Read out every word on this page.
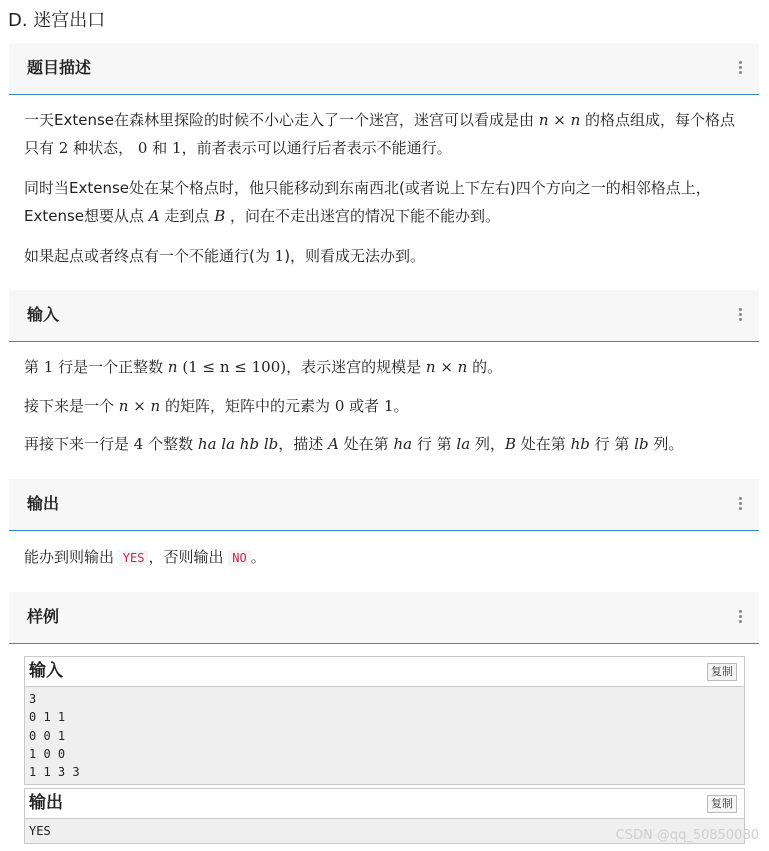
D. 迷宫出口
题目描述
一天Extense在森林里探险的时候不小心走入了一个迷宫，迷宫可以看成是由 n × n 的格点组成，每个格点只有 2 种状态， 0 和 1，前者表示可以通行后者表示不能通行。
同时当Extense处在某个格点时，他只能移动到东南西北(或者说上下左右)四个方向之一的相邻格点上，Extense想要从点 A 走到点 B ，问在不走出迷宫的情况下能不能办到。
如果起点或者终点有一个不能通行(为 1)，则看成无法办到。
输入
第 1 行是一个正整数 n (1 ≤ n ≤ 100)，表示迷宫的规模是 n × n 的。
接下来是一个 n × n 的矩阵，矩阵中的元素为 0 或者 1。
再接下来一行是 4 个整数 ha la hb lb，描述 A 处在第 ha 行 第 la 列，B 处在第 hb 行 第 lb 列。
输出
能办到则输出 YES ，否则输出 NO 。
样例
输入	复制
3
0 1 1
0 0 1
1 0 0
1 1 3 3
输出	复制
YES	CSDN @qq_50850080
